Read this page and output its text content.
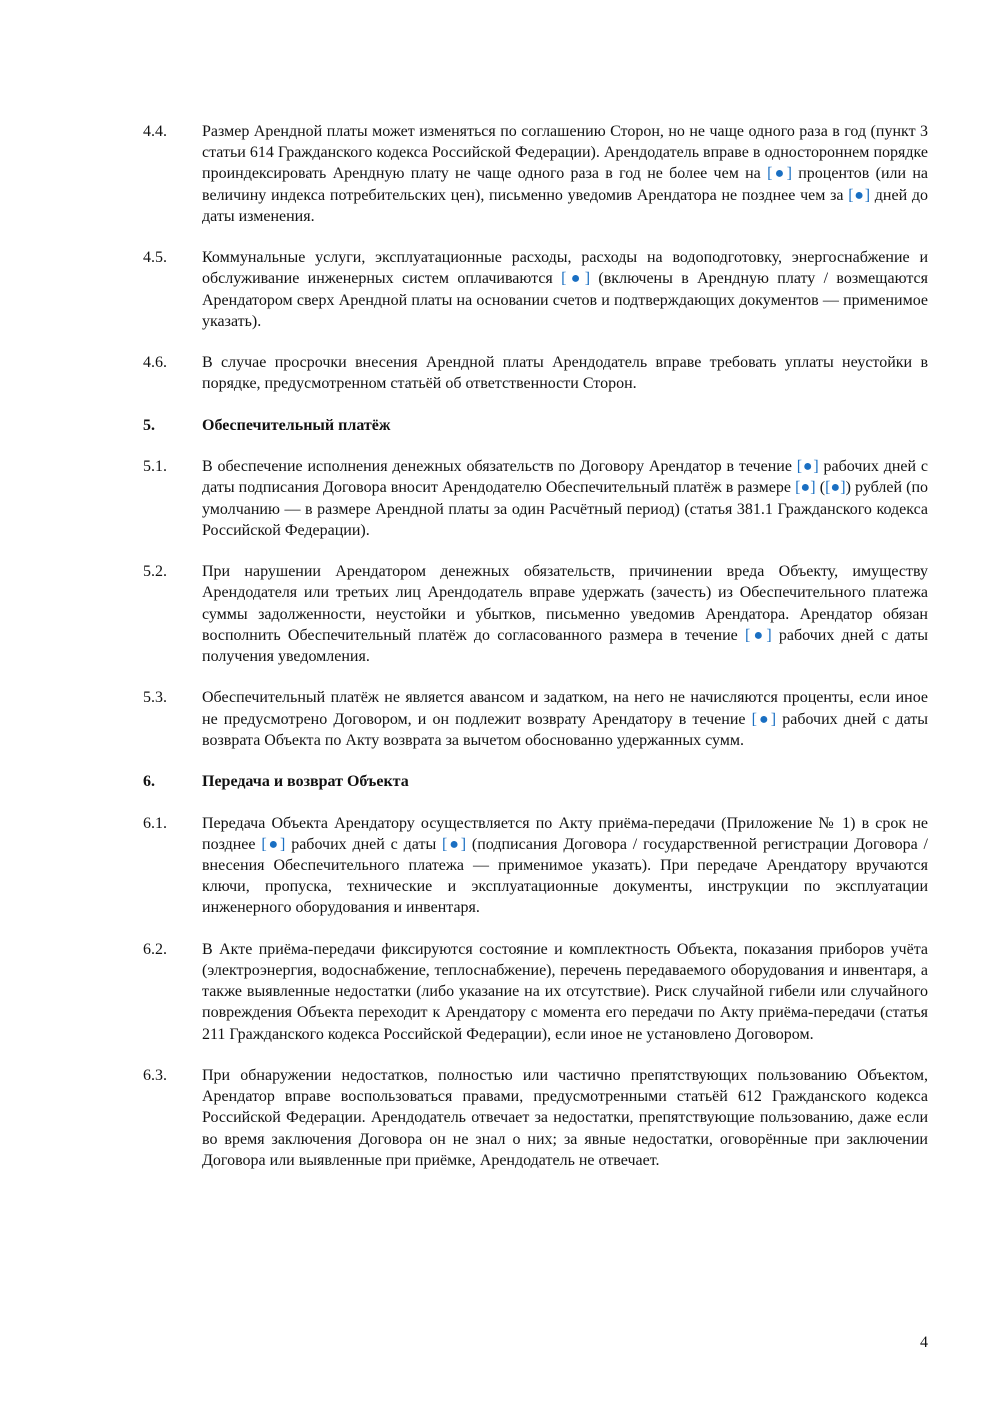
4.4.	Размер Арендной платы может изменяться по соглашению Сторон, но не чаще одного раза в год (пункт 3 статьи 614 Гражданского кодекса Российской Федерации). Арендодатель вправе в одностороннем порядке проиндексировать Арендную плату не чаще одного раза в год не более чем на [●] процентов (или на величину индекса потребительских цен), письменно уведомив Арендатора не позднее чем за [●] дней до даты изменения.
4.5.	Коммунальные услуги, эксплуатационные расходы, расходы на водоподготовку, энергоснабжение и обслуживание инженерных систем оплачиваются [●] (включены в Арендную плату / возмещаются Арендатором сверх Арендной платы на основании счетов и подтверждающих документов — применимое указать).
4.6.	В случае просрочки внесения Арендной платы Арендодатель вправе требовать уплаты неустойки в порядке, предусмотренном статьёй об ответственности Сторон.
5.	Обеспечительный платёж
5.1.	В обеспечение исполнения денежных обязательств по Договору Арендатор в течение [●] рабочих дней с даты подписания Договора вносит Арендодателю Обеспечительный платёж в размере [●] ([●]) рублей (по умолчанию — в размере Арендной платы за один Расчётный период) (статья 381.1 Гражданского кодекса Российской Федерации).
5.2.	При нарушении Арендатором денежных обязательств, причинении вреда Объекту, имуществу Арендодателя или третьих лиц Арендодатель вправе удержать (зачесть) из Обеспечительного платежа суммы задолженности, неустойки и убытков, письменно уведомив Арендатора. Арендатор обязан восполнить Обеспечительный платёж до согласованного размера в течение [●] рабочих дней с даты получения уведомления.
5.3.	Обеспечительный платёж не является авансом и задатком, на него не начисляются проценты, если иное не предусмотрено Договором, и он подлежит возврату Арендатору в течение [●] рабочих дней с даты возврата Объекта по Акту возврата за вычетом обоснованно удержанных сумм.
6.	Передача и возврат Объекта
6.1.	Передача Объекта Арендатору осуществляется по Акту приёма-передачи (Приложение № 1) в срок не позднее [●] рабочих дней с даты [●] (подписания Договора / государственной регистрации Договора / внесения Обеспечительного платежа — применимое указать). При передаче Арендатору вручаются ключи, пропуска, технические и эксплуатационные документы, инструкции по эксплуатации инженерного оборудования и инвентаря.
6.2.	В Акте приёма-передачи фиксируются состояние и комплектность Объекта, показания приборов учёта (электроэнергия, водоснабжение, теплоснабжение), перечень передаваемого оборудования и инвентаря, а также выявленные недостатки (либо указание на их отсутствие). Риск случайной гибели или случайного повреждения Объекта переходит к Арендатору с момента его передачи по Акту приёма-передачи (статья 211 Гражданского кодекса Российской Федерации), если иное не установлено Договором.
6.3.	При обнаружении недостатков, полностью или частично препятствующих пользованию Объектом, Арендатор вправе воспользоваться правами, предусмотренными статьёй 612 Гражданского кодекса Российской Федерации. Арендодатель отвечает за недостатки, препятствующие пользованию, даже если во время заключения Договора он не знал о них; за явные недостатки, оговорённые при заключении Договора или выявленные при приёмке, Арендодатель не отвечает.
4
